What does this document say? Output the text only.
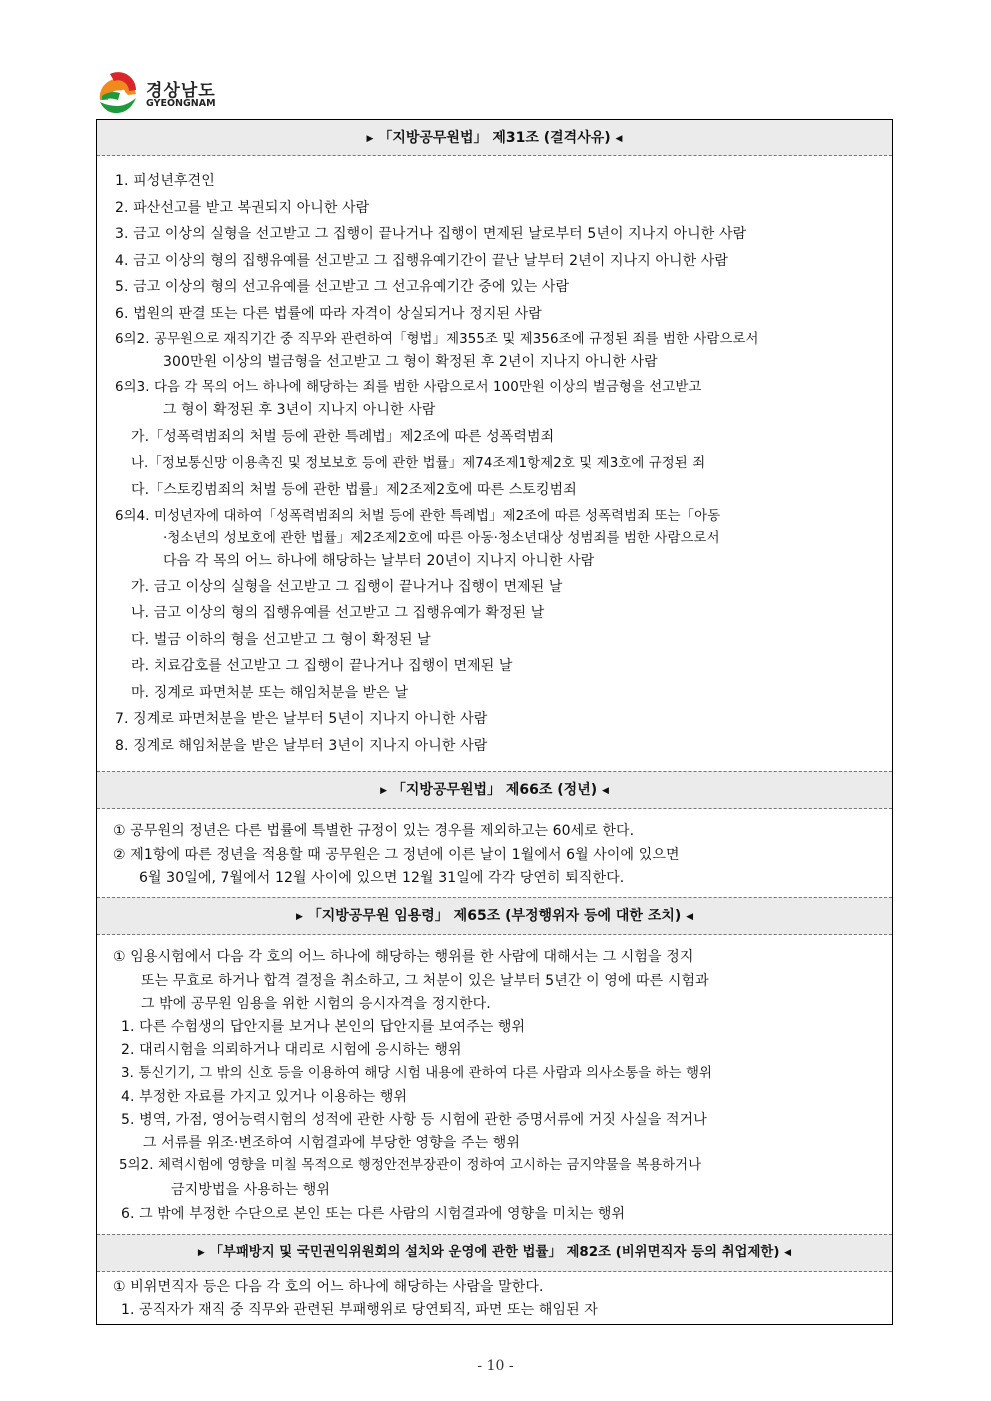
경상남도
GYEONGNAM
▶ 「지방공무원법」 제31조 (결격사유) ◀

1. 피성년후견인

2. 파산선고를 받고 복권되지 아니한 사람

3. 금고 이상의 실형을 선고받고 그 집행이 끝나거나 집행이 면제된 날로부터 5년이 지나지 아니한 사람

4. 금고 이상의 형의 집행유예를 선고받고 그 집행유예기간이 끝난 날부터 2년이 지나지 아니한 사람

5. 금고 이상의 형의 선고유예를 선고받고 그 선고유예기간 중에 있는 사람

6. 법원의 판결 또는 다른 법률에 따라 자격이 상실되거나 정지된 사람

6의2. 공무원으로 재직기간 중 직무와 관련하여「형법」제355조 및 제356조에 규정된 죄를 범한 사람으로서

300만원 이상의 벌금형을 선고받고 그 형이 확정된 후 2년이 지나지 아니한 사람

6의3. 다음 각 목의 어느 하나에 해당하는 죄를 범한 사람으로서 100만원 이상의 벌금형을 선고받고

그 형이 확정된 후 3년이 지나지 아니한 사람

가.「성폭력범죄의 처벌 등에 관한 특례법」제2조에 따른 성폭력범죄

나.「정보통신망 이용촉진 및 정보보호 등에 관한 법률」제74조제1항제2호 및 제3호에 규정된 죄

다.「스토킹범죄의 처벌 등에 관한 법률」제2조제2호에 따른 스토킹범죄

6의4. 미성년자에 대하여「성폭력범죄의 처벌 등에 관한 특례법」제2조에 따른 성폭력범죄 또는「아동

·청소년의 성보호에 관한 법률」제2조제2호에 따른 아동·청소년대상 성범죄를 범한 사람으로서

다음 각 목의 어느 하나에 해당하는 날부터 20년이 지나지 아니한 사람

가. 금고 이상의 실형을 선고받고 그 집행이 끝나거나 집행이 면제된 날

나. 금고 이상의 형의 집행유예를 선고받고 그 집행유예가 확정된 날

다. 벌금 이하의 형을 선고받고 그 형이 확정된 날

라. 치료감호를 선고받고 그 집행이 끝나거나 집행이 면제된 날

마. 징계로 파면처분 또는 해임처분을 받은 날

7. 징계로 파면처분을 받은 날부터 5년이 지나지 아니한 사람

8. 징계로 해임처분을 받은 날부터 3년이 지나지 아니한 사람

▶ 「지방공무원법」 제66조 (정년) ◀

① 공무원의 정년은 다른 법률에 특별한 규정이 있는 경우를 제외하고는 60세로 한다.

② 제1항에 따른 정년을 적용할 때 공무원은 그 정년에 이른 날이 1월에서 6월 사이에 있으면

6월 30일에, 7월에서 12월 사이에 있으면 12월 31일에 각각 당연히 퇴직한다.

▶ 「지방공무원 임용령」 제65조 (부정행위자 등에 대한 조치) ◀

① 임용시험에서 다음 각 호의 어느 하나에 해당하는 행위를 한 사람에 대해서는 그 시험을 정지

또는 무효로 하거나 합격 결정을 취소하고, 그 처분이 있은 날부터 5년간 이 영에 따른 시험과

그 밖에 공무원 임용을 위한 시험의 응시자격을 정지한다.

1. 다른 수험생의 답안지를 보거나 본인의 답안지를 보여주는 행위

2. 대리시험을 의뢰하거나 대리로 시험에 응시하는 행위

3. 통신기기, 그 밖의 신호 등을 이용하여 해당 시험 내용에 관하여 다른 사람과 의사소통을 하는 행위

4. 부정한 자료를 가지고 있거나 이용하는 행위

5. 병역, 가점, 영어능력시험의 성적에 관한 사항 등 시험에 관한 증명서류에 거짓 사실을 적거나

그 서류를 위조·변조하여 시험결과에 부당한 영향을 주는 행위

5의2. 체력시험에 영향을 미칠 목적으로 행정안전부장관이 정하여 고시하는 금지약물을 복용하거나

금지방법을 사용하는 행위

6. 그 밖에 부정한 수단으로 본인 또는 다른 사람의 시험결과에 영향을 미치는 행위

▶ 「부패방지 및 국민권익위원회의 설치와 운영에 관한 법률」 제82조 (비위면직자 등의 취업제한) ◀

① 비위면직자 등은 다음 각 호의 어느 하나에 해당하는 사람을 말한다.

1. 공직자가 재직 중 직무와 관련된 부패행위로 당연퇴직, 파면 또는 해임된 자

- 10 -
